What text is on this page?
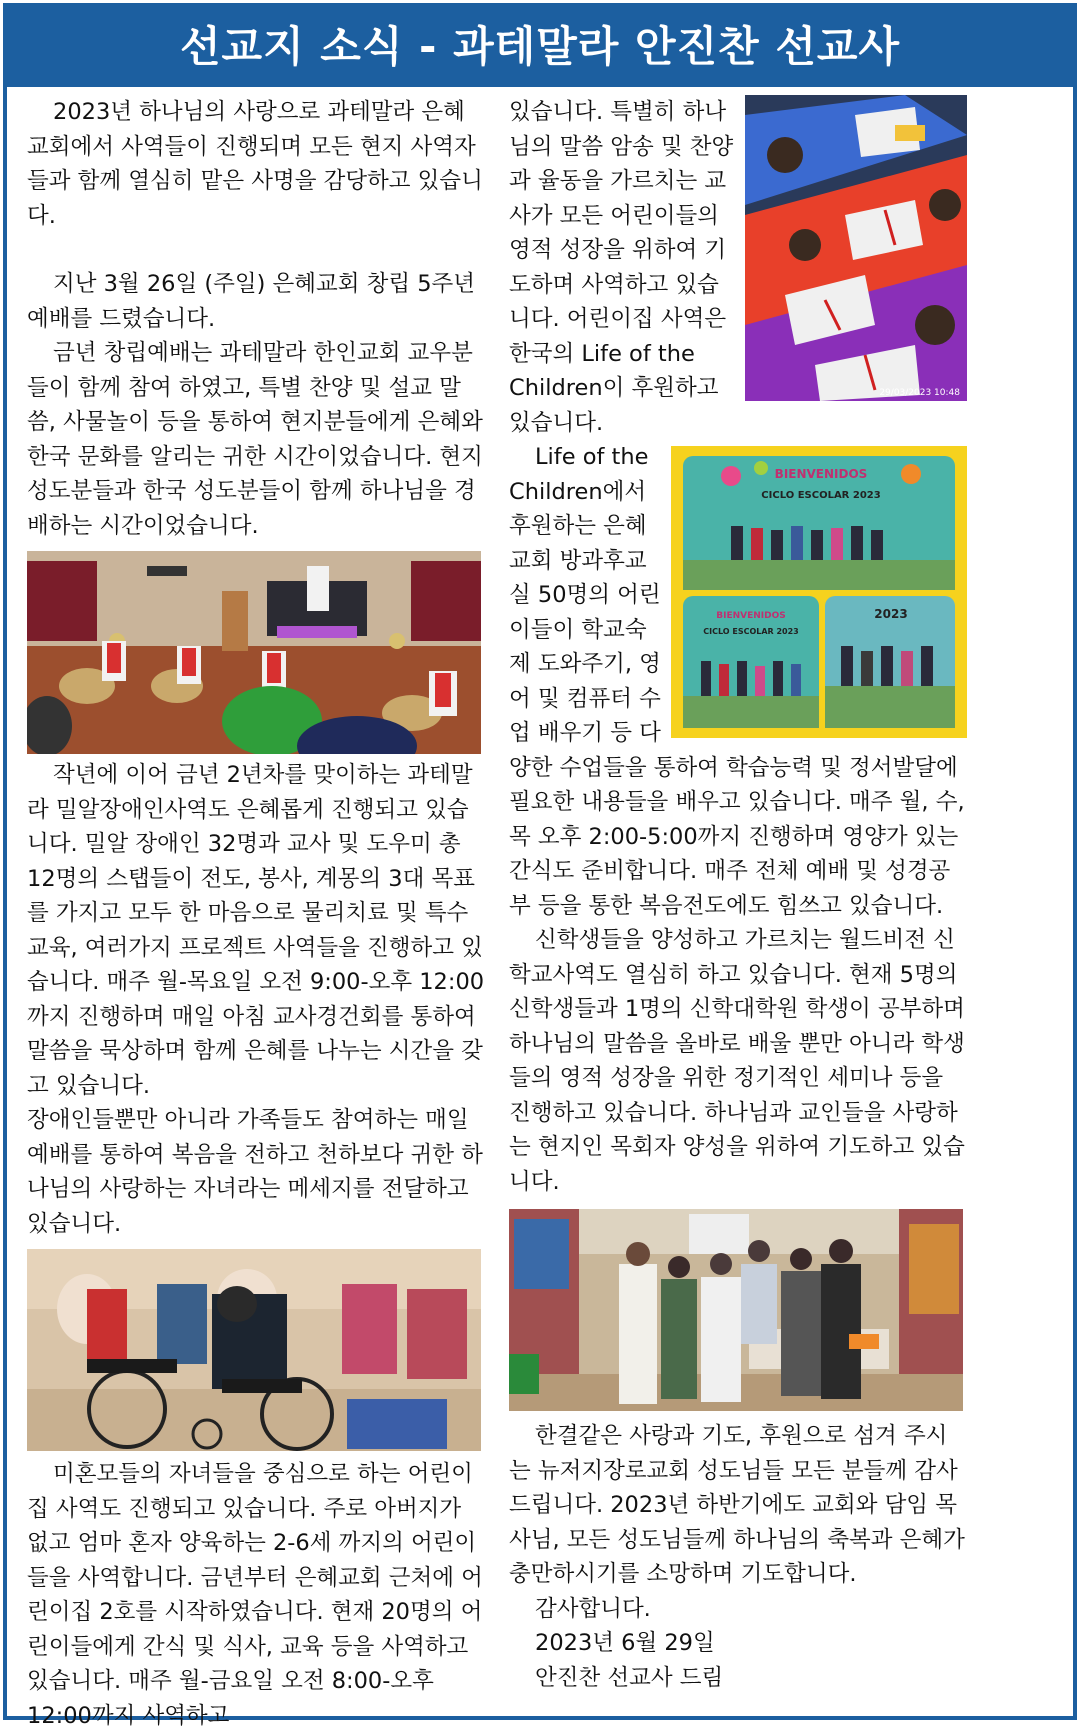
선교지 소식 - 과테말라 안진찬 선교사

2023년 하나님의 사랑으로 과테말라 은혜교회에서 사역들이 진행되며 모든 현지 사역자들과 함께 열심히 맡은 사명을 감당하고 있습니다.

지난 3월 26일 (주일) 은혜교회 창립 5주년 예배를 드렸습니다.

금년 창립예배는 과테말라 한인교회 교우분들이 함께 참여 하였고, 특별 찬양 및 설교 말씀, 사물놀이 등을 통하여 현지분들에게 은혜와 한국 문화를 알리는 귀한 시간이었습니다. 현지 성도분들과 한국 성도분들이 함께 하나님을 경배하는 시간이었습니다.

작년에 이어 금년 2년차를 맞이하는 과테말라 밀알장애인사역도 은혜롭게 진행되고 있습니다. 밀알 장애인 32명과 교사 및 도우미 총 12명의 스탭들이 전도, 봉사, 계몽의 3대 목표를 가지고 모두 한 마음으로 물리치료 및 특수교육, 여러가지 프로젝트 사역들을 진행하고 있습니다. 매주 월-목요일 오전 9:00-오후 12:00까지 진행하며 매일 아침 교사경건회를 통하여 말씀을 묵상하며 함께 은혜를 나누는 시간을 갖고 있습니다.

장애인들뿐만 아니라 가족들도 참여하는 매일 예배를 통하여 복음을 전하고 천하보다 귀한 하나님의 사랑하는 자녀라는 메세지를 전달하고 있습니다.

미혼모들의 자녀들을 중심으로 하는 어린이집 사역도 진행되고 있습니다. 주로 아버지가 없고 엄마 혼자 양육하는 2-6세 까지의 어린이들을 사역합니다. 금년부터 은혜교회 근처에 어린이집 2호를 시작하였습니다. 현재 20명의 어린이들에게 간식 및 식사, 교육 등을 사역하고 있습니다. 매주 월-금요일 오전 8:00-오후 12:00까지 사역하고

29/03/2023 10:48

있습니다. 특별히 하나님의 말씀 암송 및 찬양과 율동을 가르치는 교사가 모든 어린이들의 영적 성장을 위하여 기도하며 사역하고 있습니다. 어린이집 사역은 한국의 Life of the Children이 후원하고 있습니다.

BIENVENIDOS
CICLO ESCOLAR 2023
BIENVENIDOS
CICLO ESCOLAR 2023
2023

Life of the Children에서 후원하는 은혜교회 방과후교실 50명의 어린이들이 학교숙제 도와주기, 영어 및 컴퓨터 수업 배우기 등 다양한 수업들을 통하여 학습능력 및 정서발달에 필요한 내용들을 배우고 있습니다. 매주 월, 수, 목 오후 2:00-5:00까지 진행하며 영양가 있는 간식도 준비합니다. 매주 전체 예배 및 성경공부 등을 통한 복음전도에도 힘쓰고 있습니다.

신학생들을 양성하고 가르치는 월드비전 신학교사역도 열심히 하고 있습니다. 현재 5명의 신학생들과 1명의 신학대학원 학생이 공부하며 하나님의 말씀을 올바로 배울 뿐만 아니라 학생들의 영적 성장을 위한 정기적인 세미나 등을 진행하고 있습니다. 하나님과 교인들을 사랑하는 현지인 목회자 양성을 위하여 기도하고 있습니다.

한결같은 사랑과 기도, 후원으로 섬겨 주시는 뉴저지장로교회 성도님들 모든 분들께 감사 드립니다. 2023년 하반기에도 교회와 담임 목사님, 모든 성도님들께 하나님의 축복과 은혜가 충만하시기를 소망하며 기도합니다.

감사합니다.

2023년 6월 29일

안진찬 선교사 드림
